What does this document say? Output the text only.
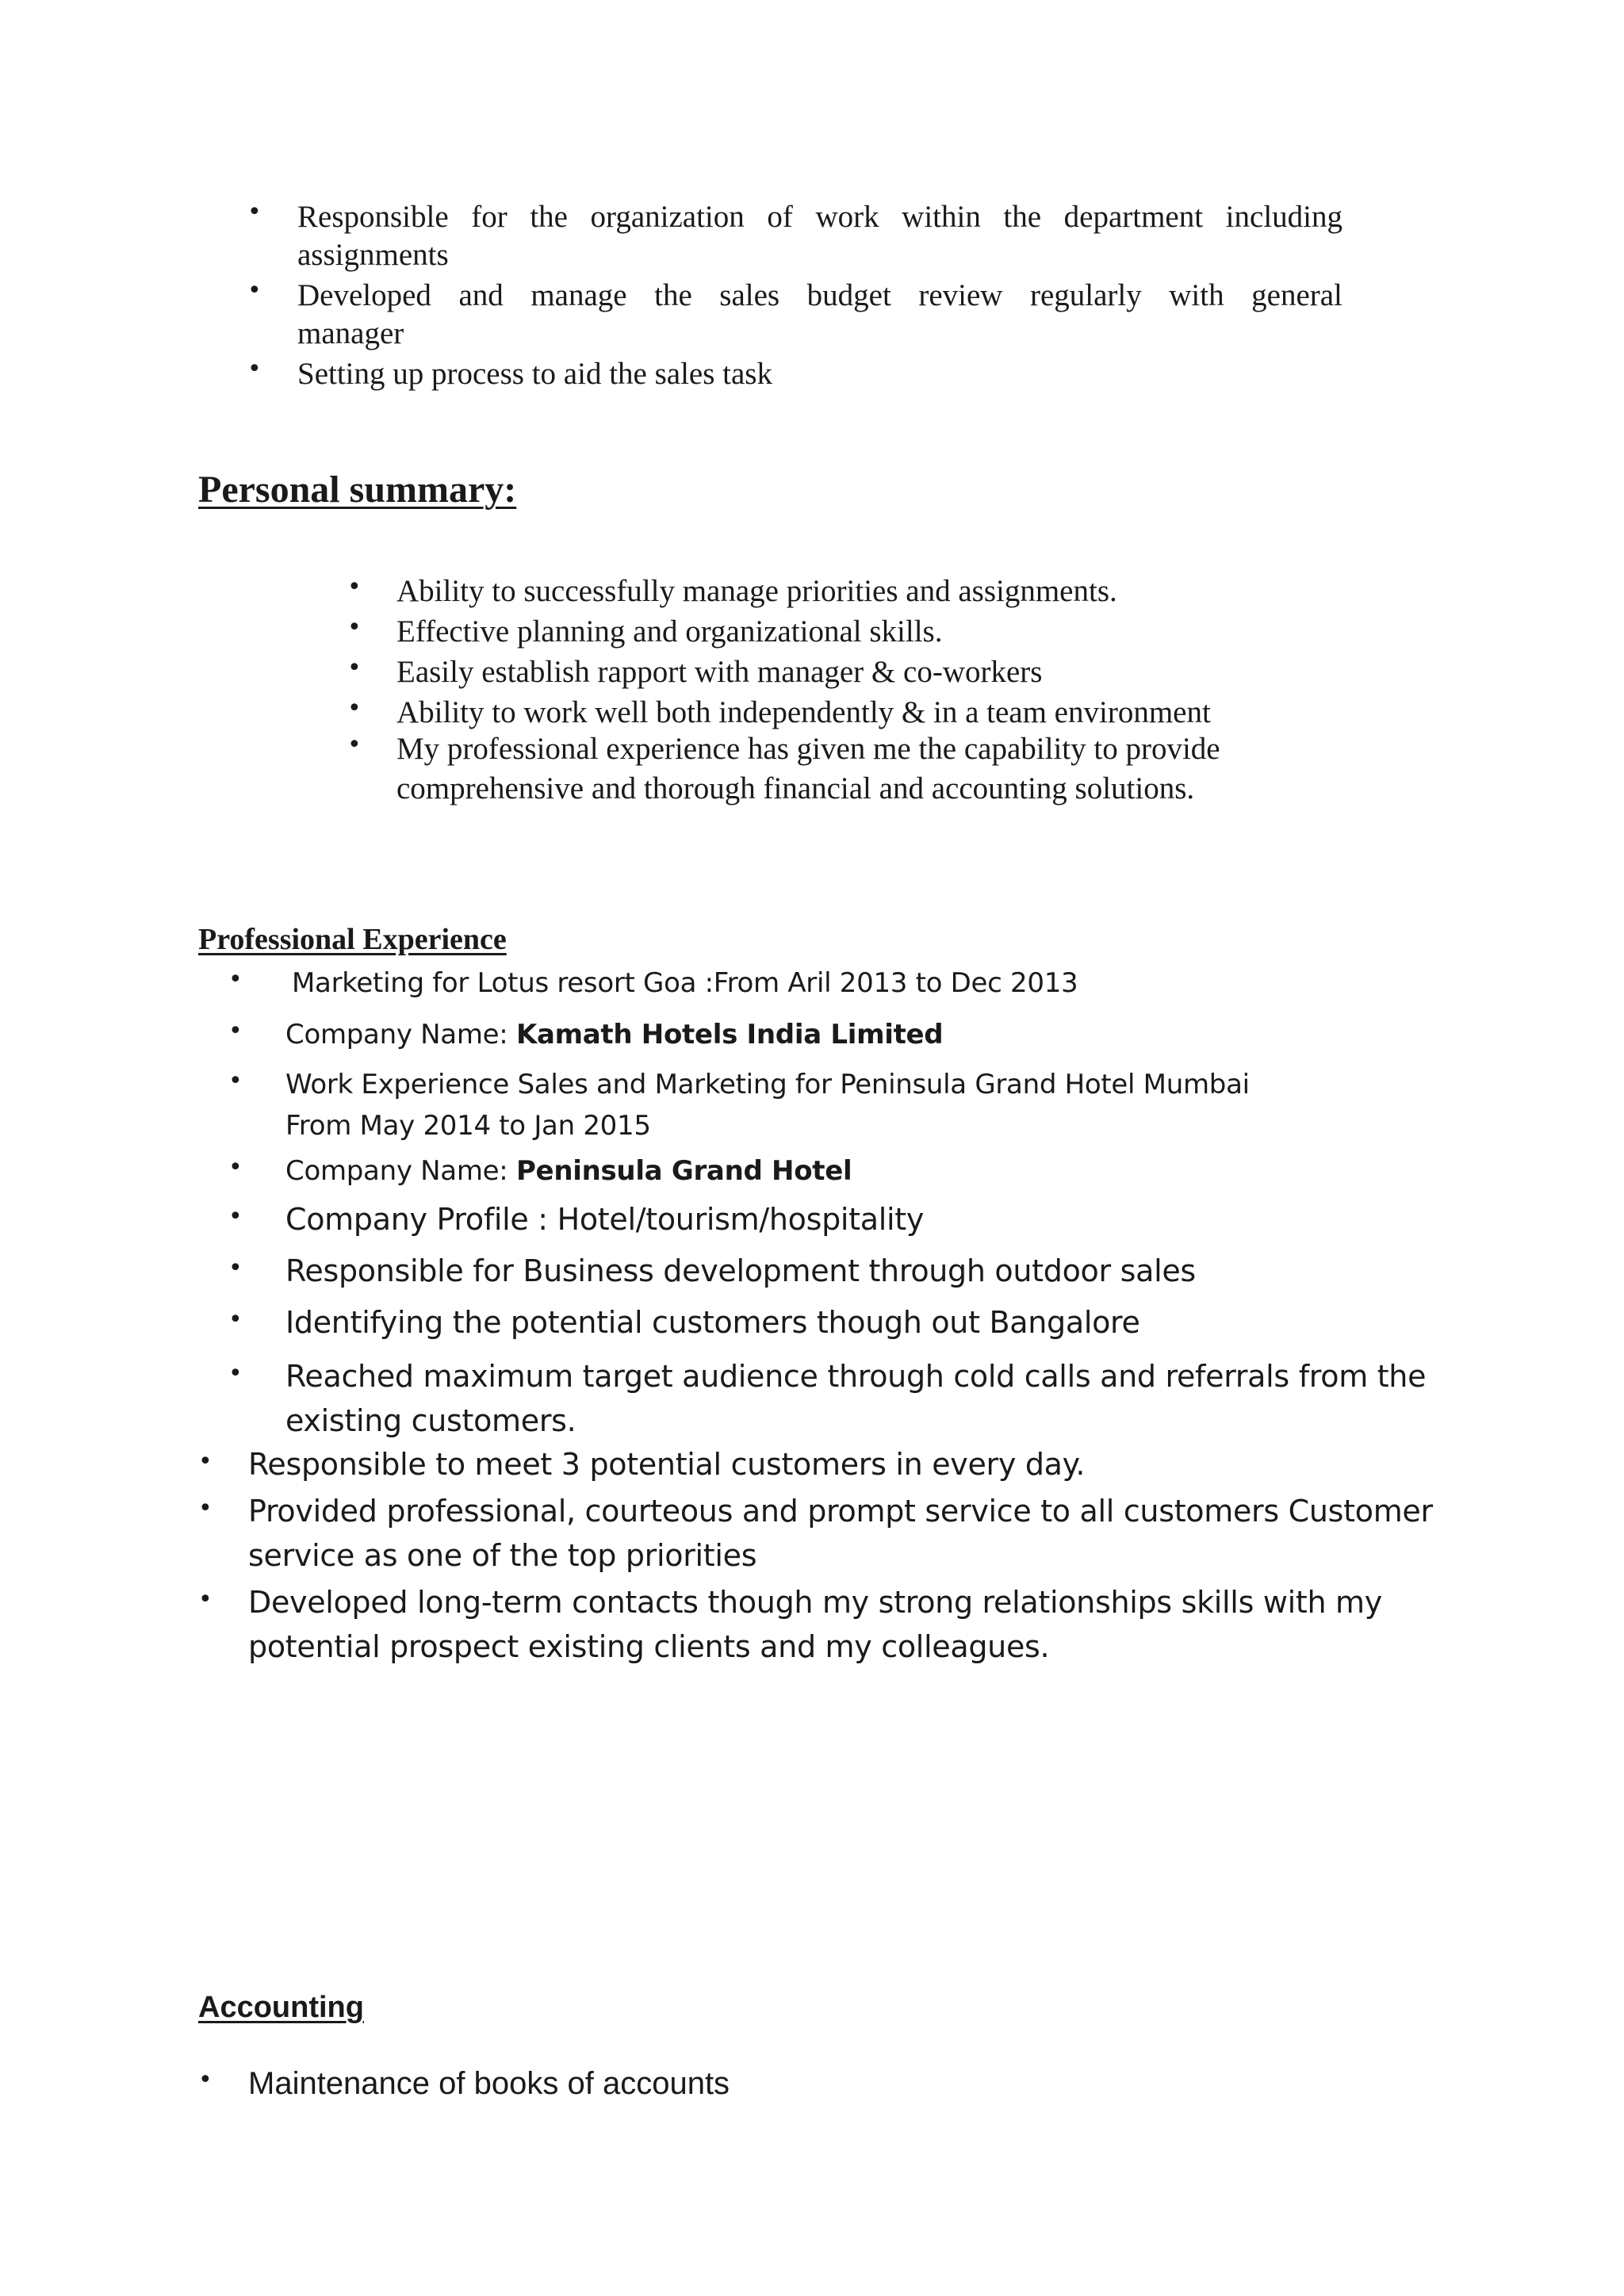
• Responsible for the organization of work within the department including
assignments
• Developed and manage the sales budget review regularly with general
manager
• Setting up process to aid the sales task
Personal summary:
• Ability to successfully manage priorities and assignments.
• Effective planning and organizational skills.
• Easily establish rapport with manager & co-workers
• Ability to work well both independently & in a team environment
• My professional experience has given me the capability to provide
comprehensive and thorough financial and accounting solutions.
Professional Experience
• Marketing for Lotus resort Goa :From Aril 2013 to Dec 2013
• Company Name: Kamath Hotels India Limited
• Work Experience Sales and Marketing for Peninsula Grand Hotel Mumbai
From May 2014 to Jan 2015
• Company Name: Peninsula Grand Hotel
• Company Profile : Hotel/tourism/hospitality
• Responsible for Business development through outdoor sales
• Identifying the potential customers though out Bangalore
• Reached maximum target audience through cold calls and referrals from the
existing customers.
• Responsible to meet 3 potential customers in every day.
• Provided professional, courteous and prompt service to all customers Customer
service as one of the top priorities
• Developed long-term contacts though my strong relationships skills with my
potential prospect existing clients and my colleagues.
Accounting
• Maintenance of books of accounts
